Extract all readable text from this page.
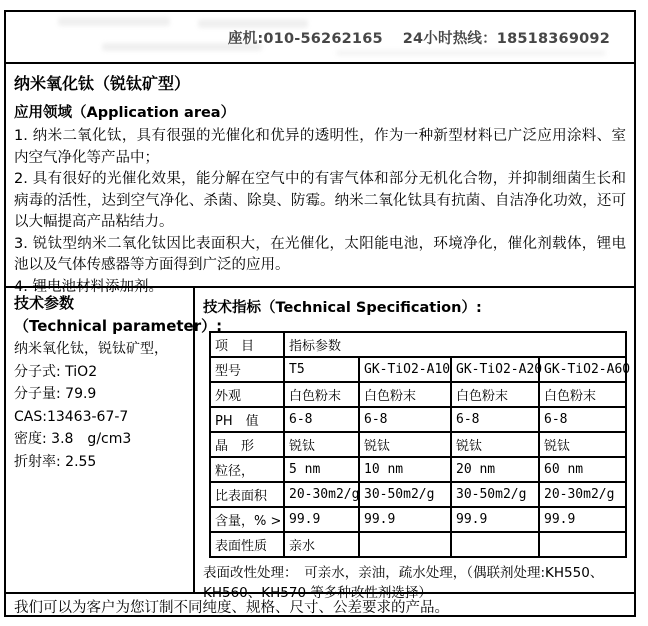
座机:010-56262165　 24小时热线：18518369092
纳米氧化钛（锐钛矿型）
应用领域（Application area）

1. 纳米二氧化钛，具有很强的光催化和优异的透明性，作为一种新型材料已广泛应用涂料、室内空气净化等产品中；

2. 具有很好的光催化效果，能分解在空气中的有害气体和部分无机化合物，并抑制细菌生长和病毒的活性，达到空气净化、杀菌、除臭、防霉。纳米二氧化钛具有抗菌、自洁净化功效，还可以大幅提高产品粘结力。

3. 锐钛型纳米二氧化钛因比表面积大，在光催化，太阳能电池，环境净化，催化剂载体，锂电池以及气体传感器等方面得到广泛的应用。

4. 锂电池材料添加剂。

技术参数
（Technical parameter）:
纳米氧化钛，锐钛矿型，
分子式: TiO2
分子量: 79.9
CAS:13463-67-7
密度: 3.8　g/cm3
折射率: 2.55
技术指标（Technical Specification）:
项　目	指标参数			
型号	T5	GK-TiO2-A10	GK-TiO2-A20	GK-TiO2-A60
外观	白色粉末	白色粉末	白色粉末	白色粉末
PH　值	6-8	6-8	6-8	6-8
晶　形	锐钛	锐钛	锐钛	锐钛
粒径，	5 nm	10 nm	20 nm	60 nm
比表面积	20-30m2/g	30-50m2/g	30-50m2/g	20-30m2/g
含量，% >	99.9	99.9	99.9	99.9
表面性质	亲水			
表面改性处理：　可亲水，亲油，疏水处理，（偶联剂处理:KH550、KH560、KH570 等多种改性剂选择）
我们可以为客户为您订制不同纯度、规格、尺寸、公差要求的产品。
